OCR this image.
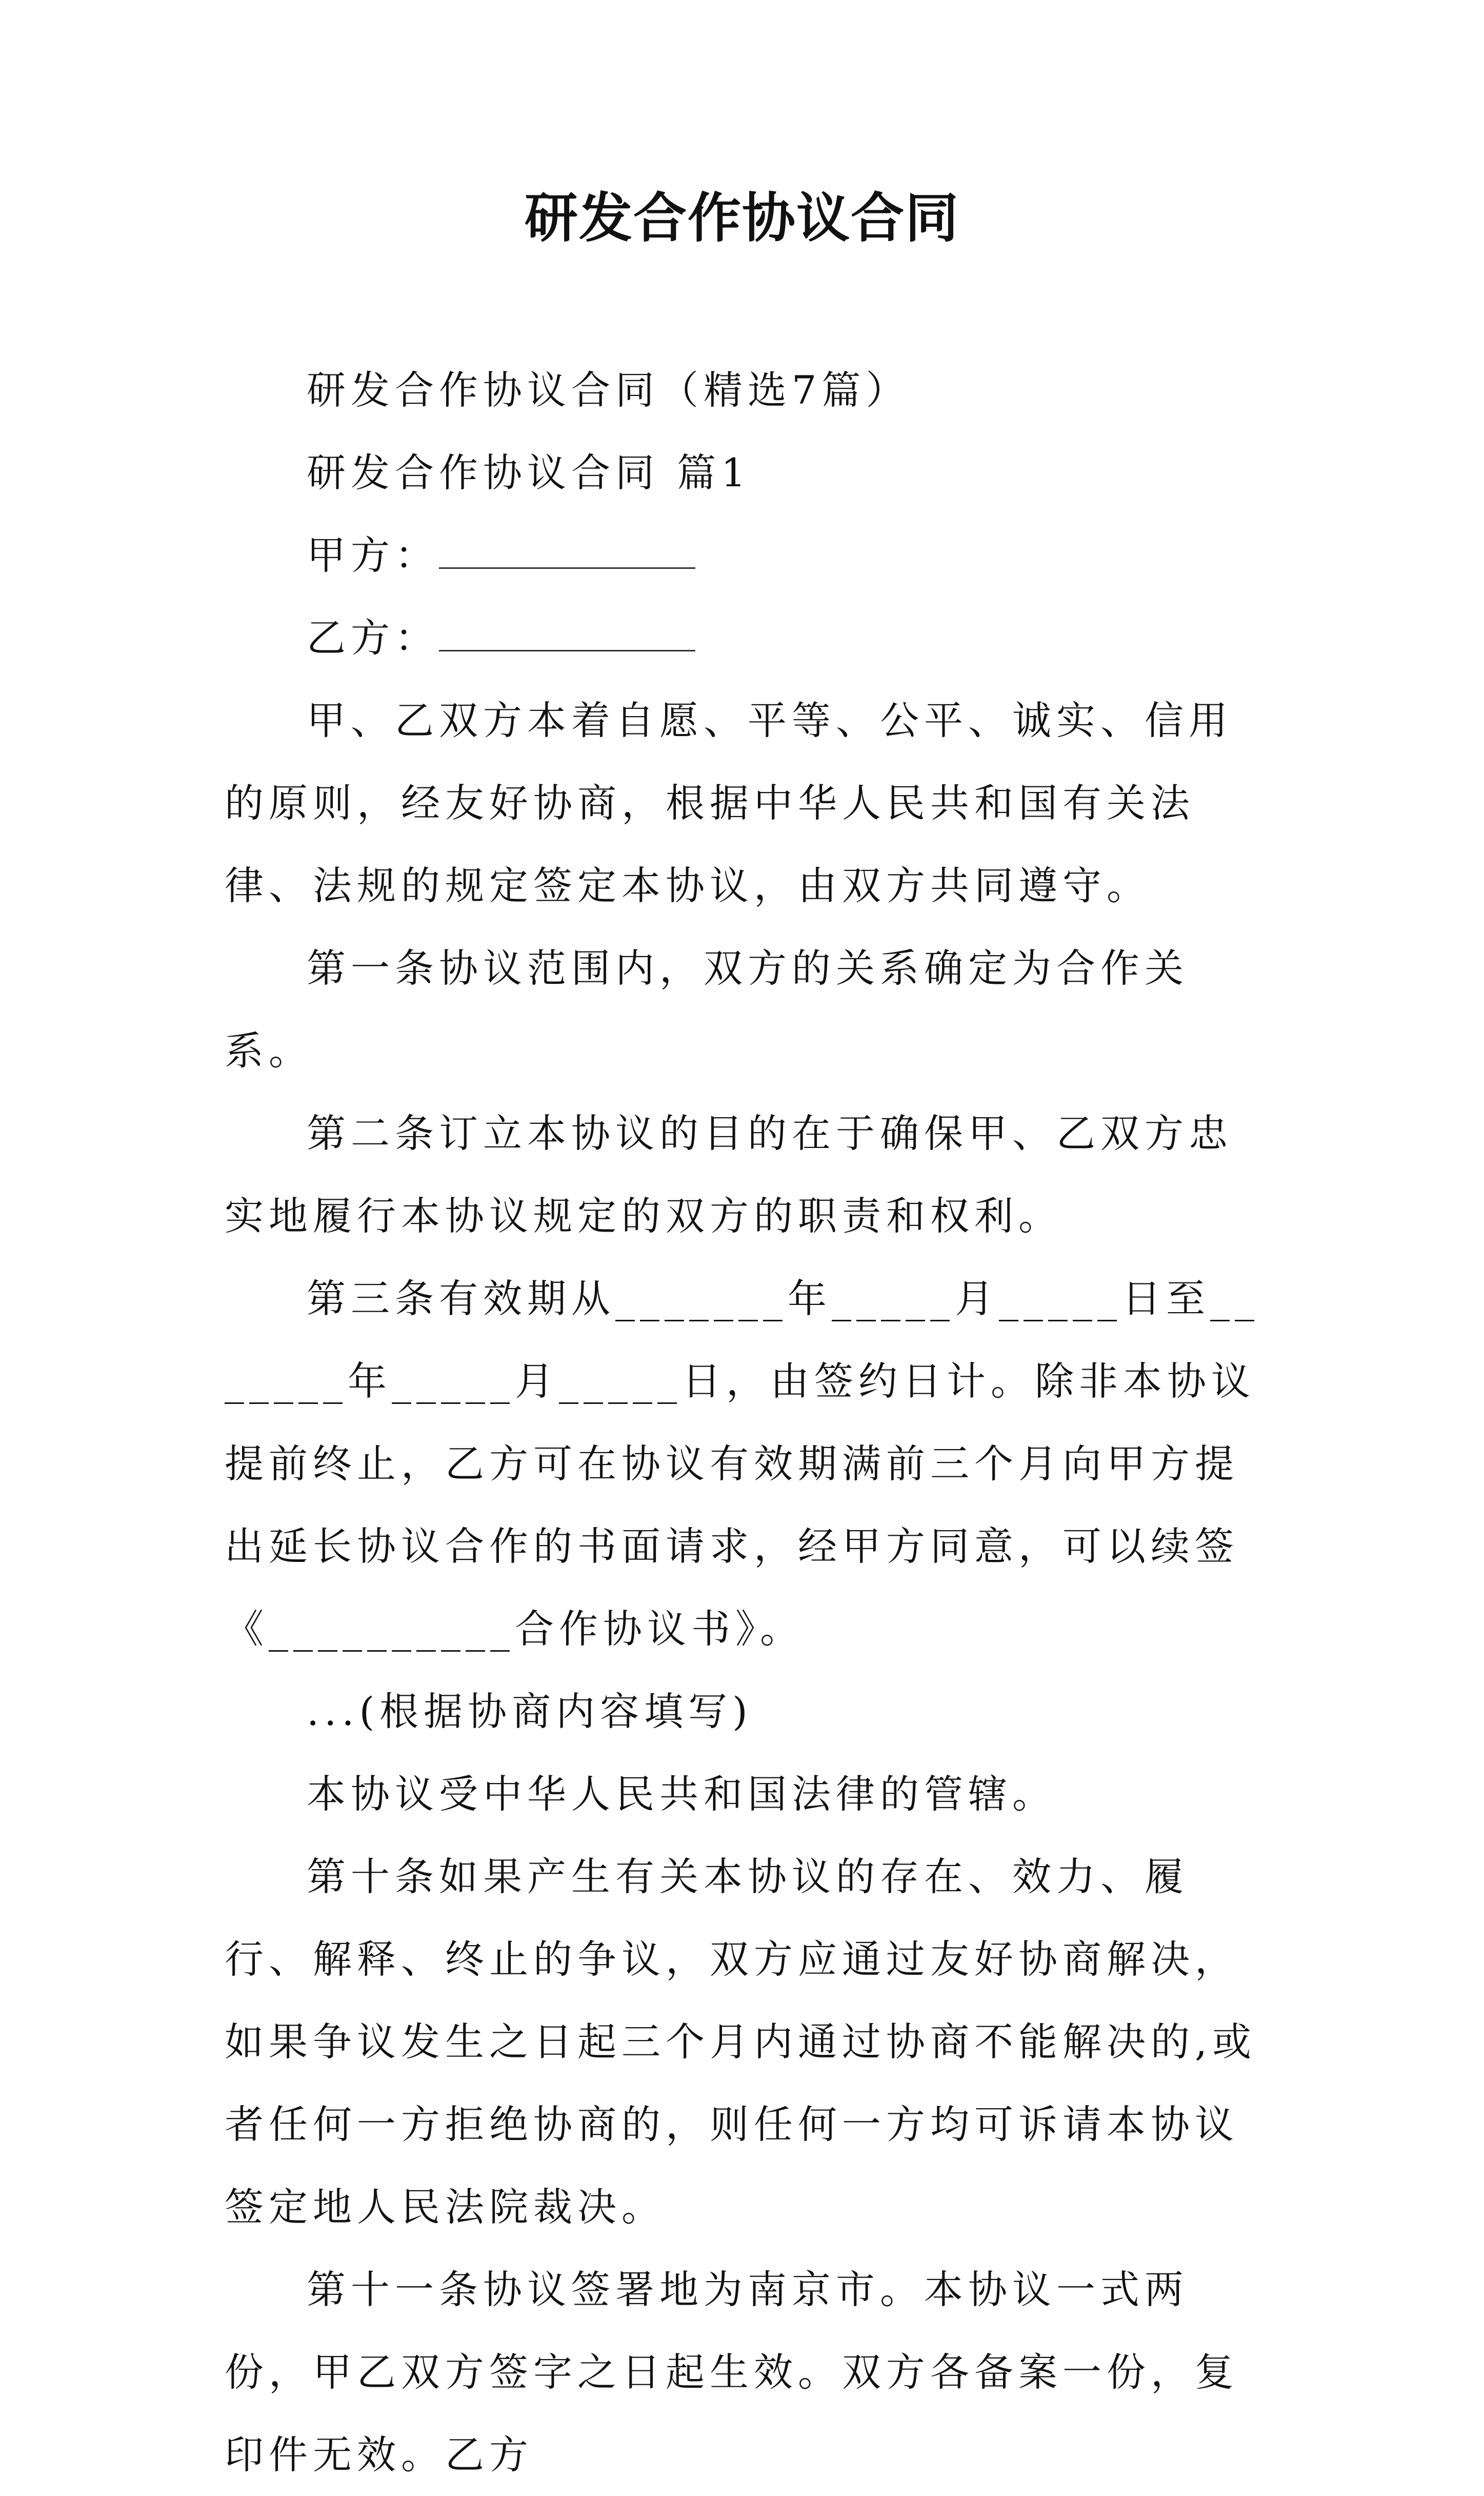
研发合作协议合同

研发合作协议合同（精选7篇）

研发合作协议合同 篇1

甲方：

乙方：

甲、乙双方本着自愿、平等、公平、诚实、信用的原则，经友好协商，根据中华人民共和国有关法律、法规的规定签定本协议，由双方共同遵守。

第一条协议范围内，双方的关系确定为合作关系。

第二条订立本协议的目的在于确保甲、乙双方忠实地履行本协议规定的双方的职责和权利。

第三条有效期从_______年_____月_____日至_______年_____月_____日，由签约日计。除非本协议提前终止，乙方可在协议有效期满前三个月向甲方提出延长协议合作的书面请求，经甲方同意，可以续签《__________合作协议书》。

...(根据协商内容填写)

本协议受中华人民共和国法律的管辖。

第十条如果产生有关本协议的存在、效力、履行、解释、终止的争议，双方应通过友好协商解决，如果争议发生之日起三个月内通过协商不能解决的,或者任何一方拒绝协商的，则任何一方均可诉请本协议签定地人民法院裁决。

第十一条协议签署地为南京市。本协议一式两份，甲乙双方签字之日起生效。双方各备案一份，复印件无效。乙方
